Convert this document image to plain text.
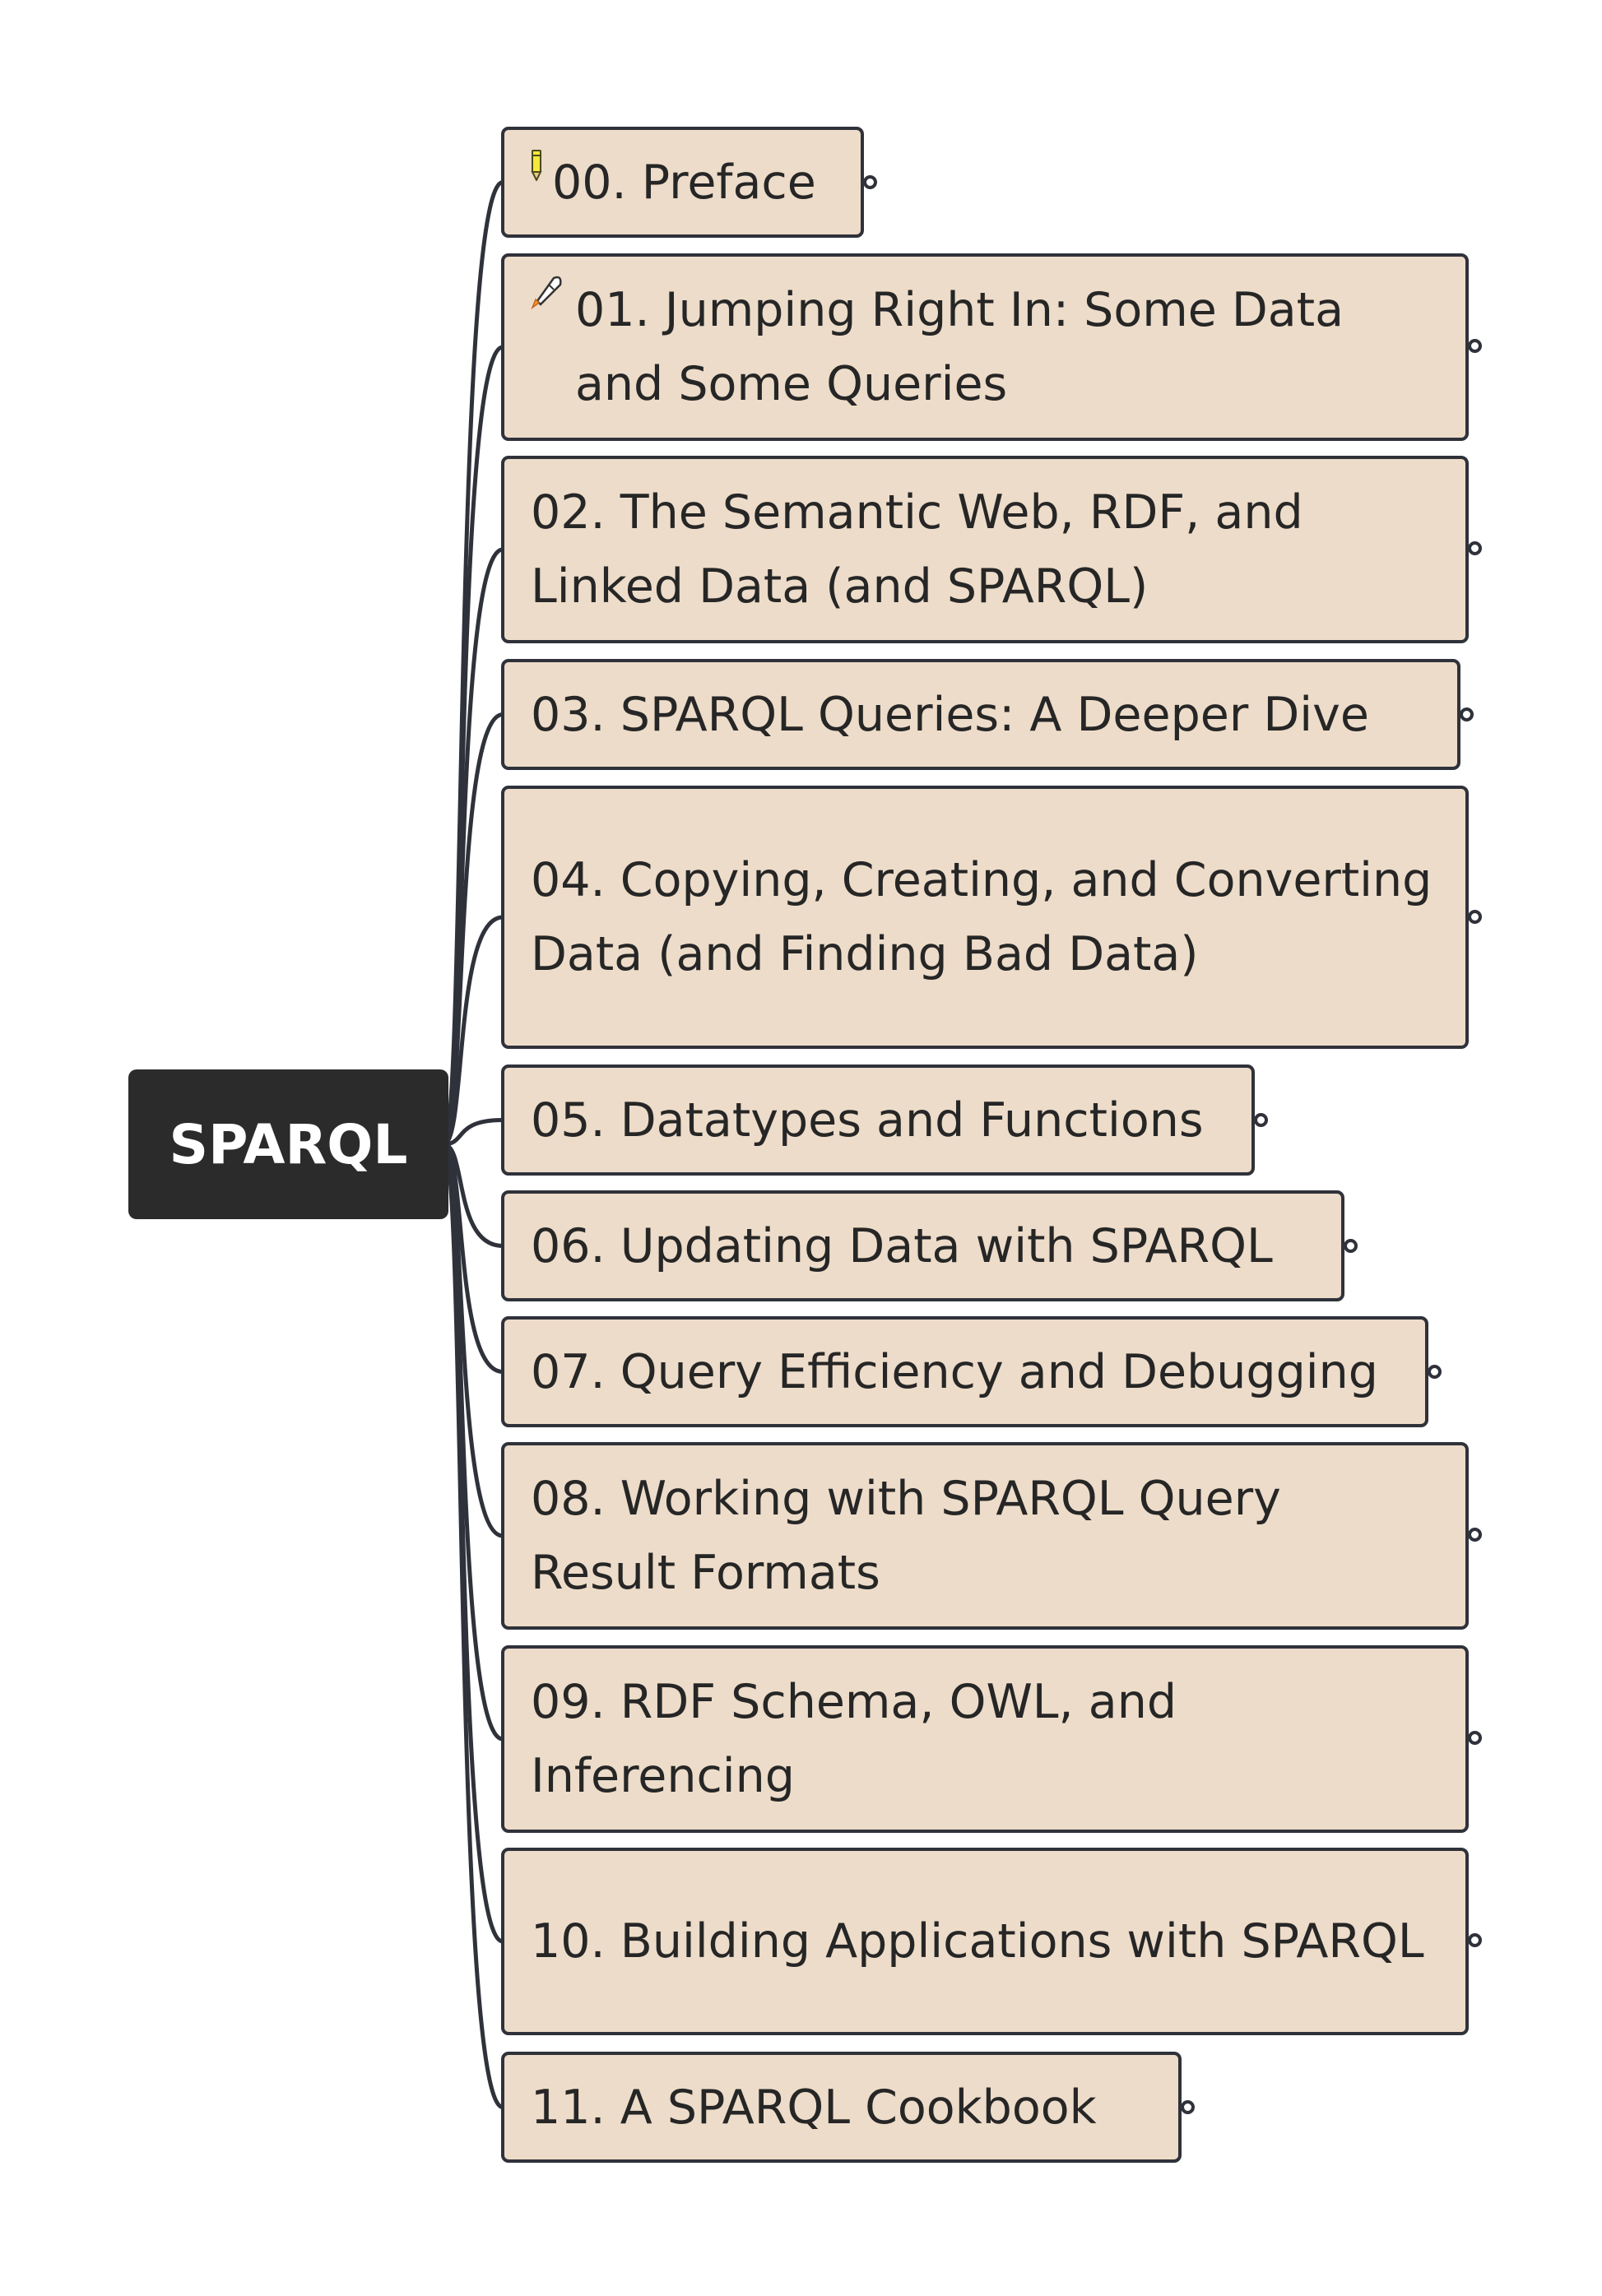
SPARQL
00. Preface
01. Jumping Right In: Some Data and Some Queries
02. The Semantic Web, RDF, and Linked Data (and SPARQL)
03. SPARQL Queries: A Deeper Dive
04. Copying, Creating, and Converting Data (and Finding Bad Data)
05. Datatypes and Functions
06. Updating Data with SPARQL
07. Query Efficiency and Debugging
08. Working with SPARQL Query Result Formats
09. RDF Schema, OWL, and Inferencing
10. Building Applications with SPARQL
11. A SPARQL Cookbook
